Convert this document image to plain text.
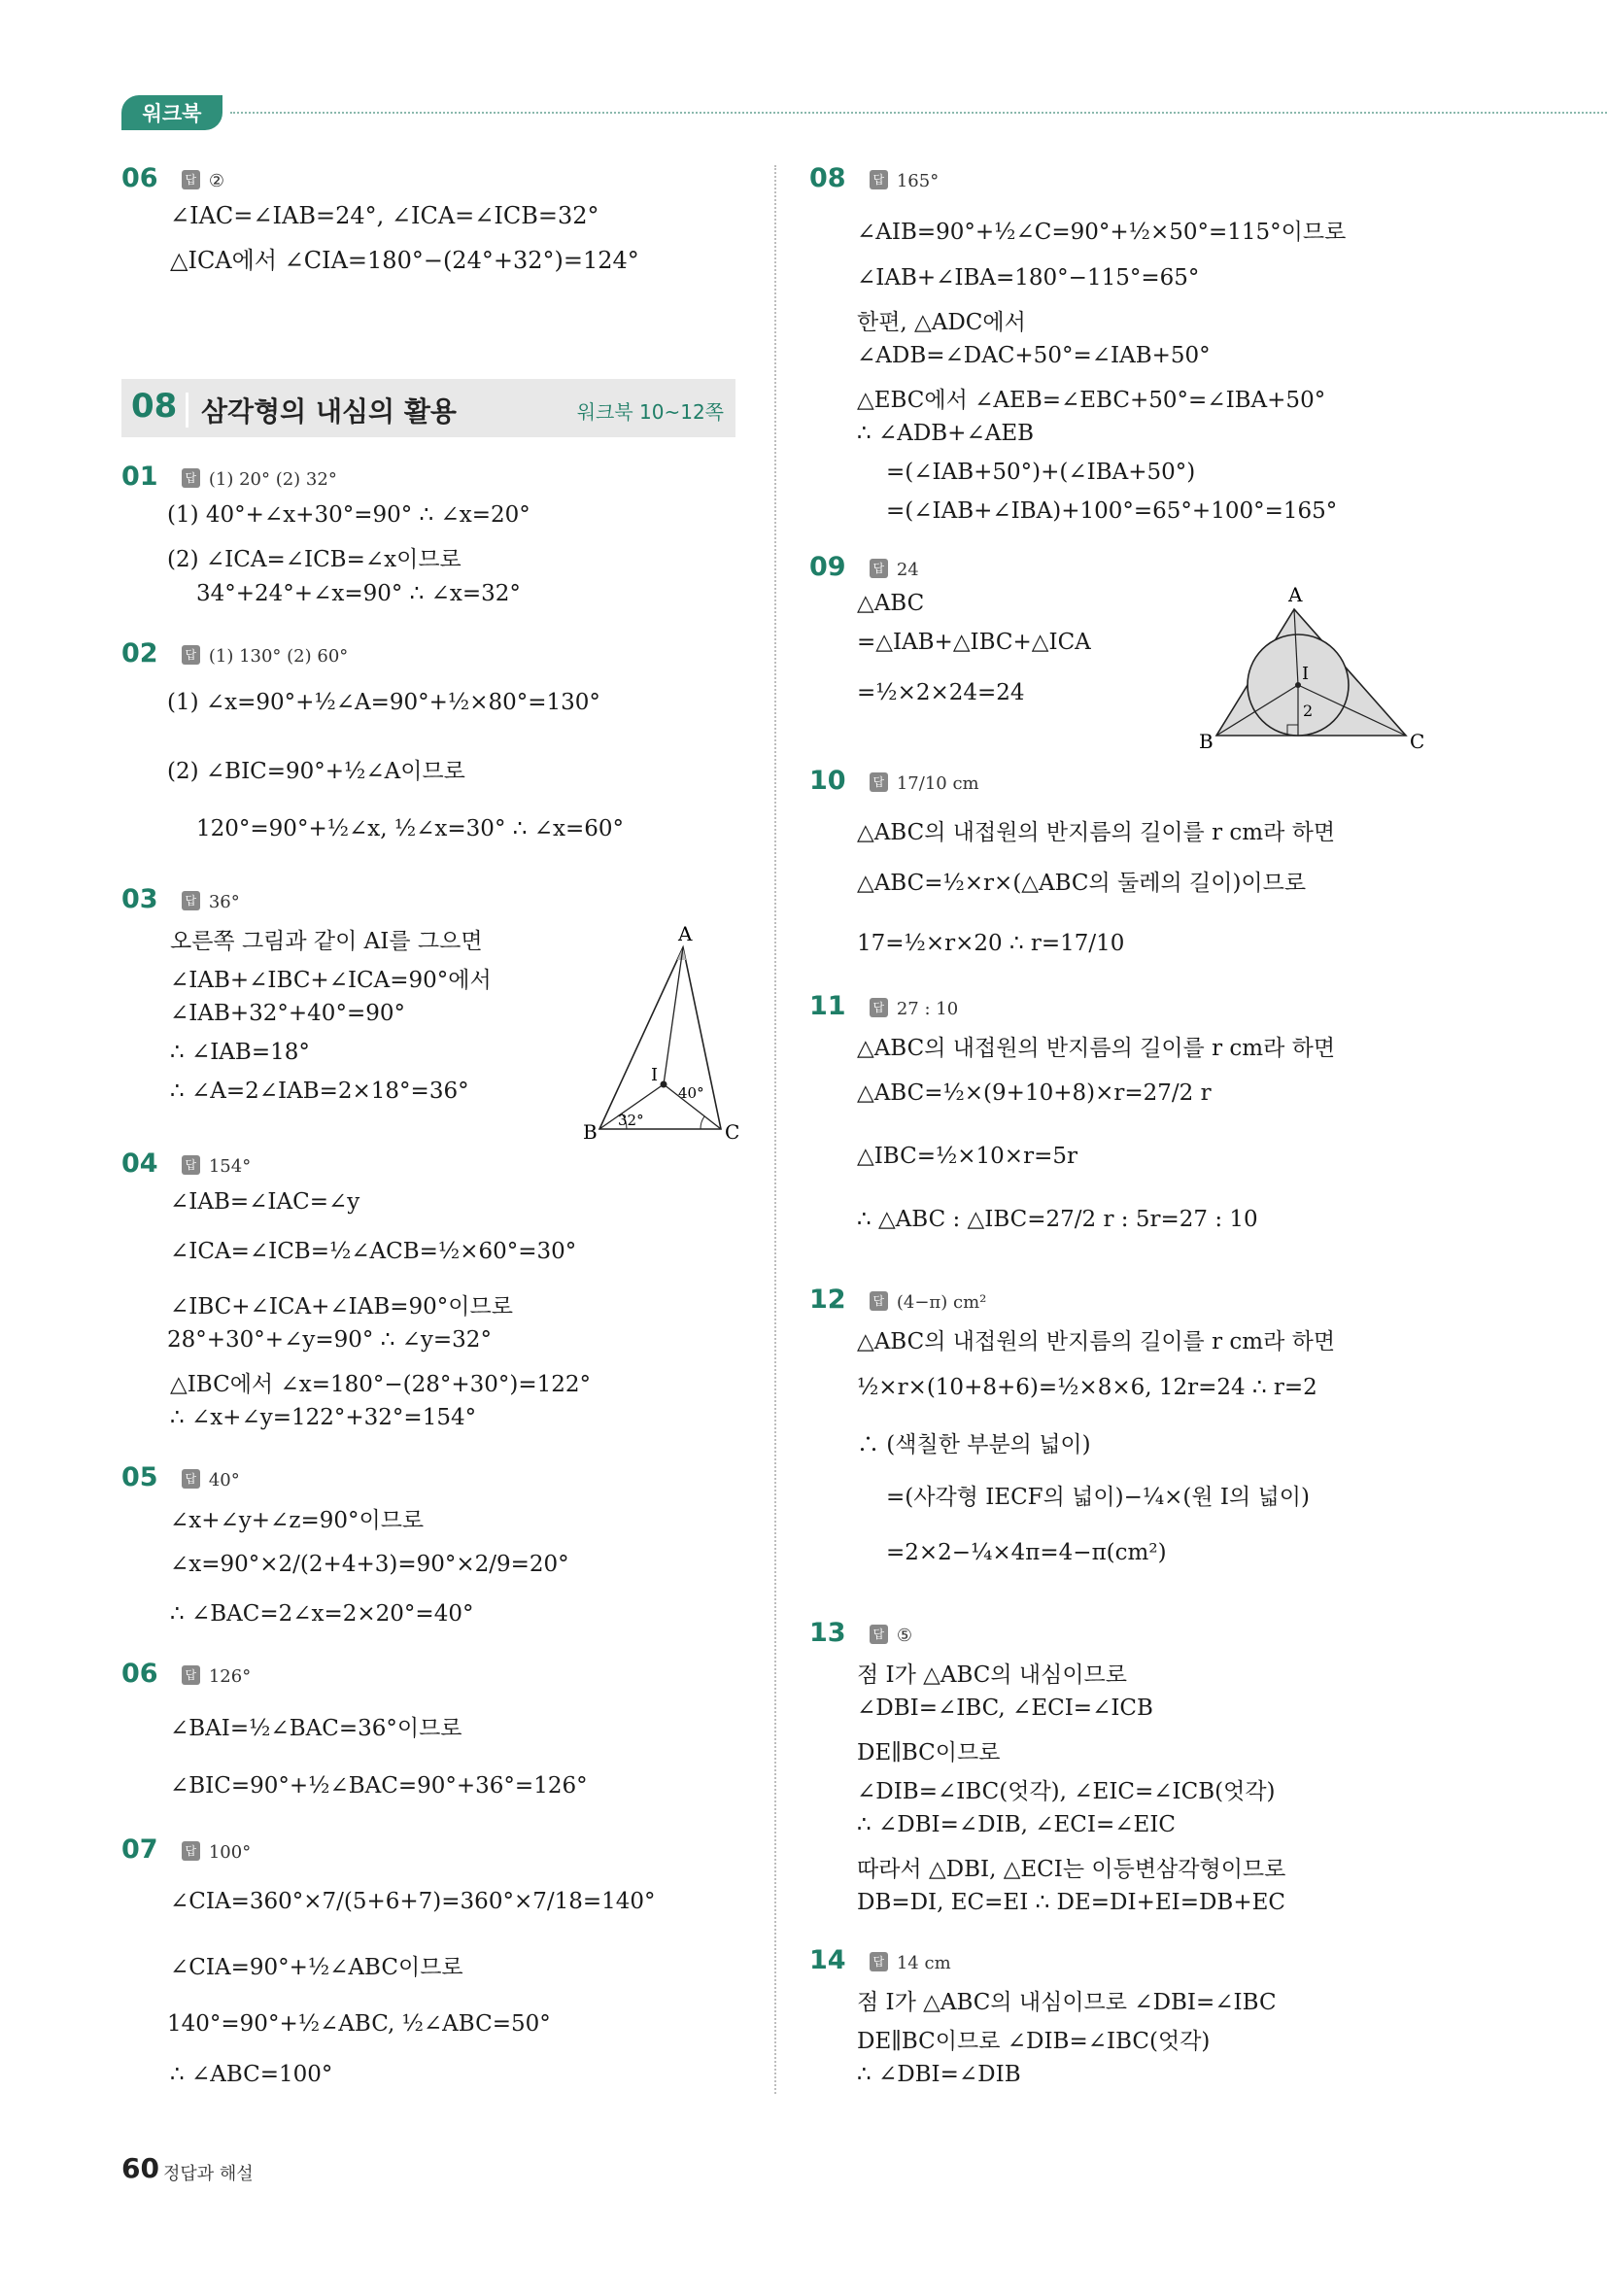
워크북
06 답 ②
∠IAC=∠IAB=24°, ∠ICA=∠ICB=32°
△ICA에서 ∠CIA=180°−(24°+32°)=124°
08 삼각형의 내심의 활용	워크북 10~12쪽
01 답 (1) 20° (2) 32°
(1) 40°+∠x+30°=90° ∴ ∠x=20°
(2) ∠ICA=∠ICB=∠x이므로
34°+24°+∠x=90° ∴ ∠x=32°
02 답 (1) 130° (2) 60°
(1) ∠x=90°+½∠A=90°+½×80°=130°
(2) ∠BIC=90°+½∠A이므로
120°=90°+½∠x, ½∠x=30° ∴ ∠x=60°
03 답 36°
오른쪽 그림과 같이 AI를 그으면
∠IAB+∠IBC+∠ICA=90°에서
∠IAB+32°+40°=90°
∴ ∠IAB=18°
∴ ∠A=2∠IAB=2×18°=36°
A
B	C
I
40°
32°
04 답 154°
∠IAB=∠IAC=∠y
∠ICA=∠ICB=½∠ACB=½×60°=30°
∠IBC+∠ICA+∠IAB=90°이므로
28°+30°+∠y=90° ∴ ∠y=32°
△IBC에서 ∠x=180°−(28°+30°)=122°
∴ ∠x+∠y=122°+32°=154°
05 답 40°
∠x+∠y+∠z=90°이므로
∠x=90°×2/(2+4+3)=90°×2/9=20°
∴ ∠BAC=2∠x=2×20°=40°
06 답 126°
∠BAI=½∠BAC=36°이므로
∠BIC=90°+½∠BAC=90°+36°=126°
07 답 100°
∠CIA=360°×7/(5+6+7)=360°×7/18=140°
∠CIA=90°+½∠ABC이므로
140°=90°+½∠ABC, ½∠ABC=50°
∴ ∠ABC=100°
08 답 165°
∠AIB=90°+½∠C=90°+½×50°=115°이므로
∠IAB+∠IBA=180°−115°=65°
한편, △ADC에서
∠ADB=∠DAC+50°=∠IAB+50°
△EBC에서 ∠AEB=∠EBC+50°=∠IBA+50°
∴ ∠ADB+∠AEB
=(∠IAB+50°)+(∠IBA+50°)
=(∠IAB+∠IBA)+100°=65°+100°=165°
09 답 24
△ABC
=△IAB+△IBC+△ICA
=½×2×24=24
A
B	C
I
2
10 답 17/10 cm
△ABC의 내접원의 반지름의 길이를 r cm라 하면
△ABC=½×r×(△ABC의 둘레의 길이)이므로
17=½×r×20 ∴ r=17/10
11 답 27 : 10
△ABC의 내접원의 반지름의 길이를 r cm라 하면
△ABC=½×(9+10+8)×r=27/2 r
△IBC=½×10×r=5r
∴ △ABC : △IBC=27/2 r : 5r=27 : 10
12 답 (4−π) cm²
△ABC의 내접원의 반지름의 길이를 r cm라 하면
½×r×(10+8+6)=½×8×6, 12r=24 ∴ r=2
∴ (색칠한 부분의 넓이)
=(사각형 IECF의 넓이)−¼×(원 I의 넓이)
=2×2−¼×4π=4−π(cm²)
13 답 ⑤
점 I가 △ABC의 내심이므로
∠DBI=∠IBC, ∠ECI=∠ICB
DE∥BC이므로
∠DIB=∠IBC(엇각), ∠EIC=∠ICB(엇각)
∴ ∠DBI=∠DIB, ∠ECI=∠EIC
따라서 △DBI, △ECI는 이등변삼각형이므로
DB=DI, EC=EI ∴ DE=DI+EI=DB+EC
14 답 14 cm
점 I가 △ABC의 내심이므로 ∠DBI=∠IBC
DE∥BC이므로 ∠DIB=∠IBC(엇각)
∴ ∠DBI=∠DIB
60 정답과 해설
